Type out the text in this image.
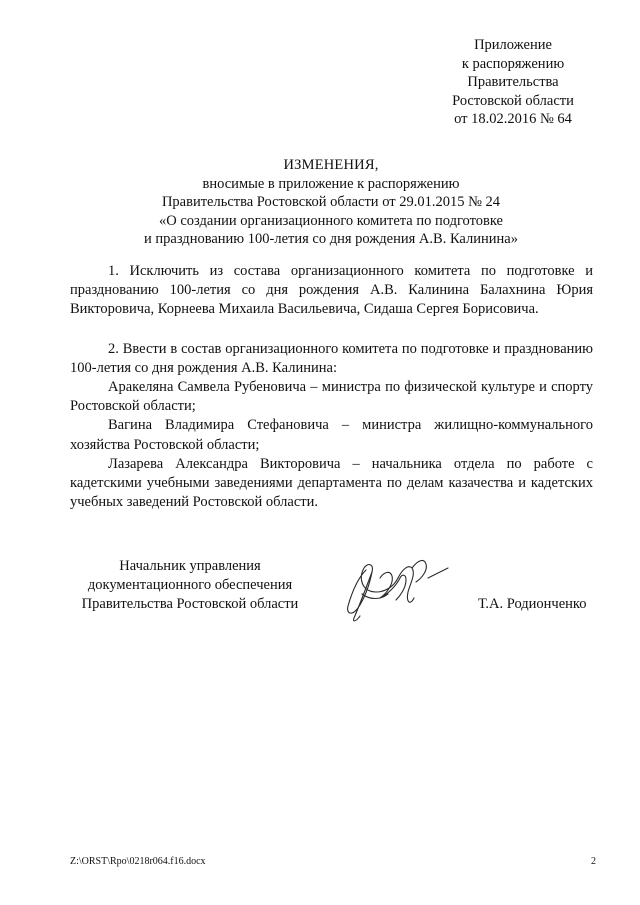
Приложение
к распоряжению
Правительства
Ростовской области
от 18.02.2016 № 64
ИЗМЕНЕНИЯ,
вносимые в приложение к распоряжению
Правительства Ростовской области от 29.01.2015 № 24
«О создании организационного комитета по подготовке
и празднованию 100-летия со дня рождения А.В. Калинина»

1. Исключить из состава организационного комитета по подготовке и празднованию 100-летия со дня рождения А.В. Калинина Балахнина Юрия Викторовича, Корнеева Михаила Васильевича, Сидаша Сергея Борисовича.

2. Ввести в состав организационного комитета по подготовке и празднованию 100-летия со дня рождения А.В. Калинина:

Аракеляна Самвела Рубеновича – министра по физической культуре и спорту Ростовской области;

Вагина Владимира Стефановича – министра жилищно-коммунального хозяйства Ростовской области;

Лазарева Александра Викторовича – начальника отдела по работе с кадетскими учебными заведениями департамента по делам казачества и кадетских учебных заведений Ростовской области.

Начальник управления
документационного обеспечения
Правительства Ростовской области	Т.А. Родионченко
Z:\ORST\Rpo\0218r064.f16.docx	2
